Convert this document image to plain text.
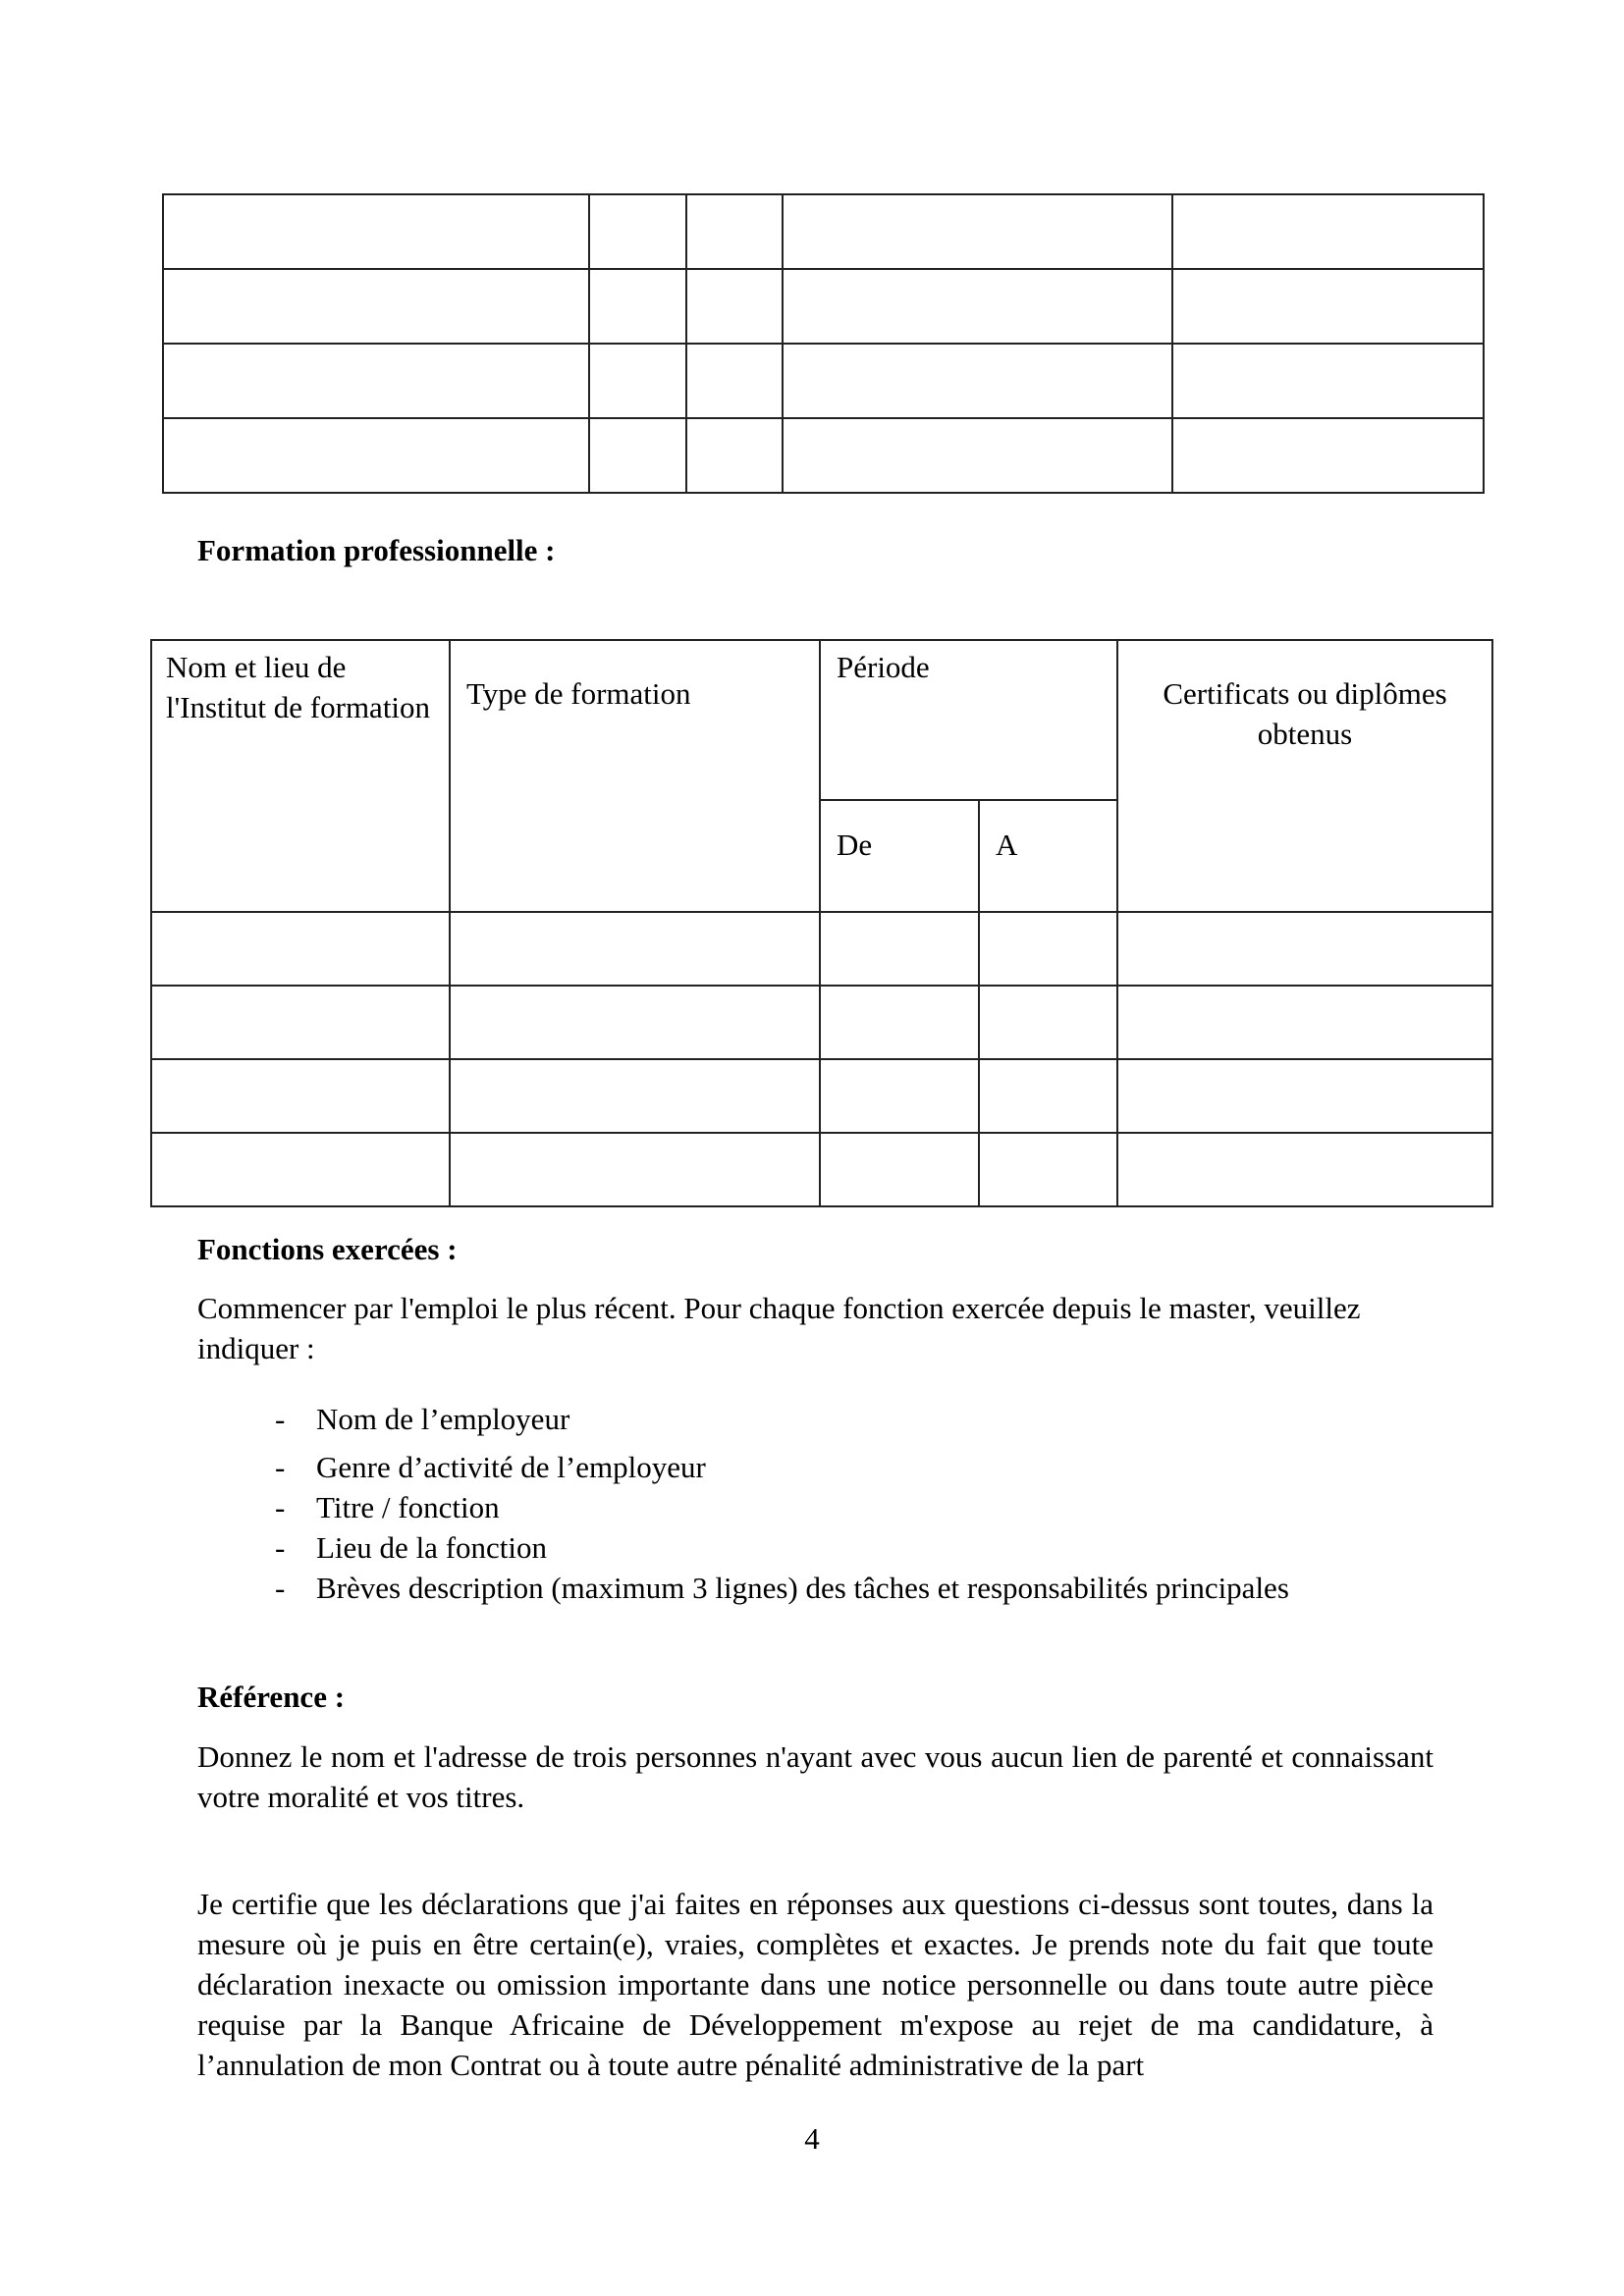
Formation professionnelle :
Nom et lieu de l'Institut de formation	Type de formation	Période		Certificats ou diplômes obtenus
		De	A	

Fonctions exercées :
Commencer par l'emploi le plus récent. Pour chaque fonction exercée depuis le master, veuillez indiquer :
- Nom de l’employeur
- Genre d’activité de l’employeur
- Titre / fonction
- Lieu de la fonction
- Brèves description (maximum 3 lignes) des tâches et responsabilités principales
Référence :
Donnez le nom et l'adresse de trois personnes n'ayant avec vous aucun lien de parenté et connaissant votre moralité et vos titres.
Je certifie que les déclarations que j'ai faites en réponses aux questions ci-dessus sont toutes, dans la mesure où je puis en être certain(e), vraies, complètes et exactes. Je prends note du fait que toute déclaration inexacte ou omission importante dans une notice personnelle ou dans toute autre pièce requise par la Banque Africaine de Développement m'expose au rejet de ma candidature, à l’annulation de mon Contrat ou à toute autre pénalité administrative de la part
4
